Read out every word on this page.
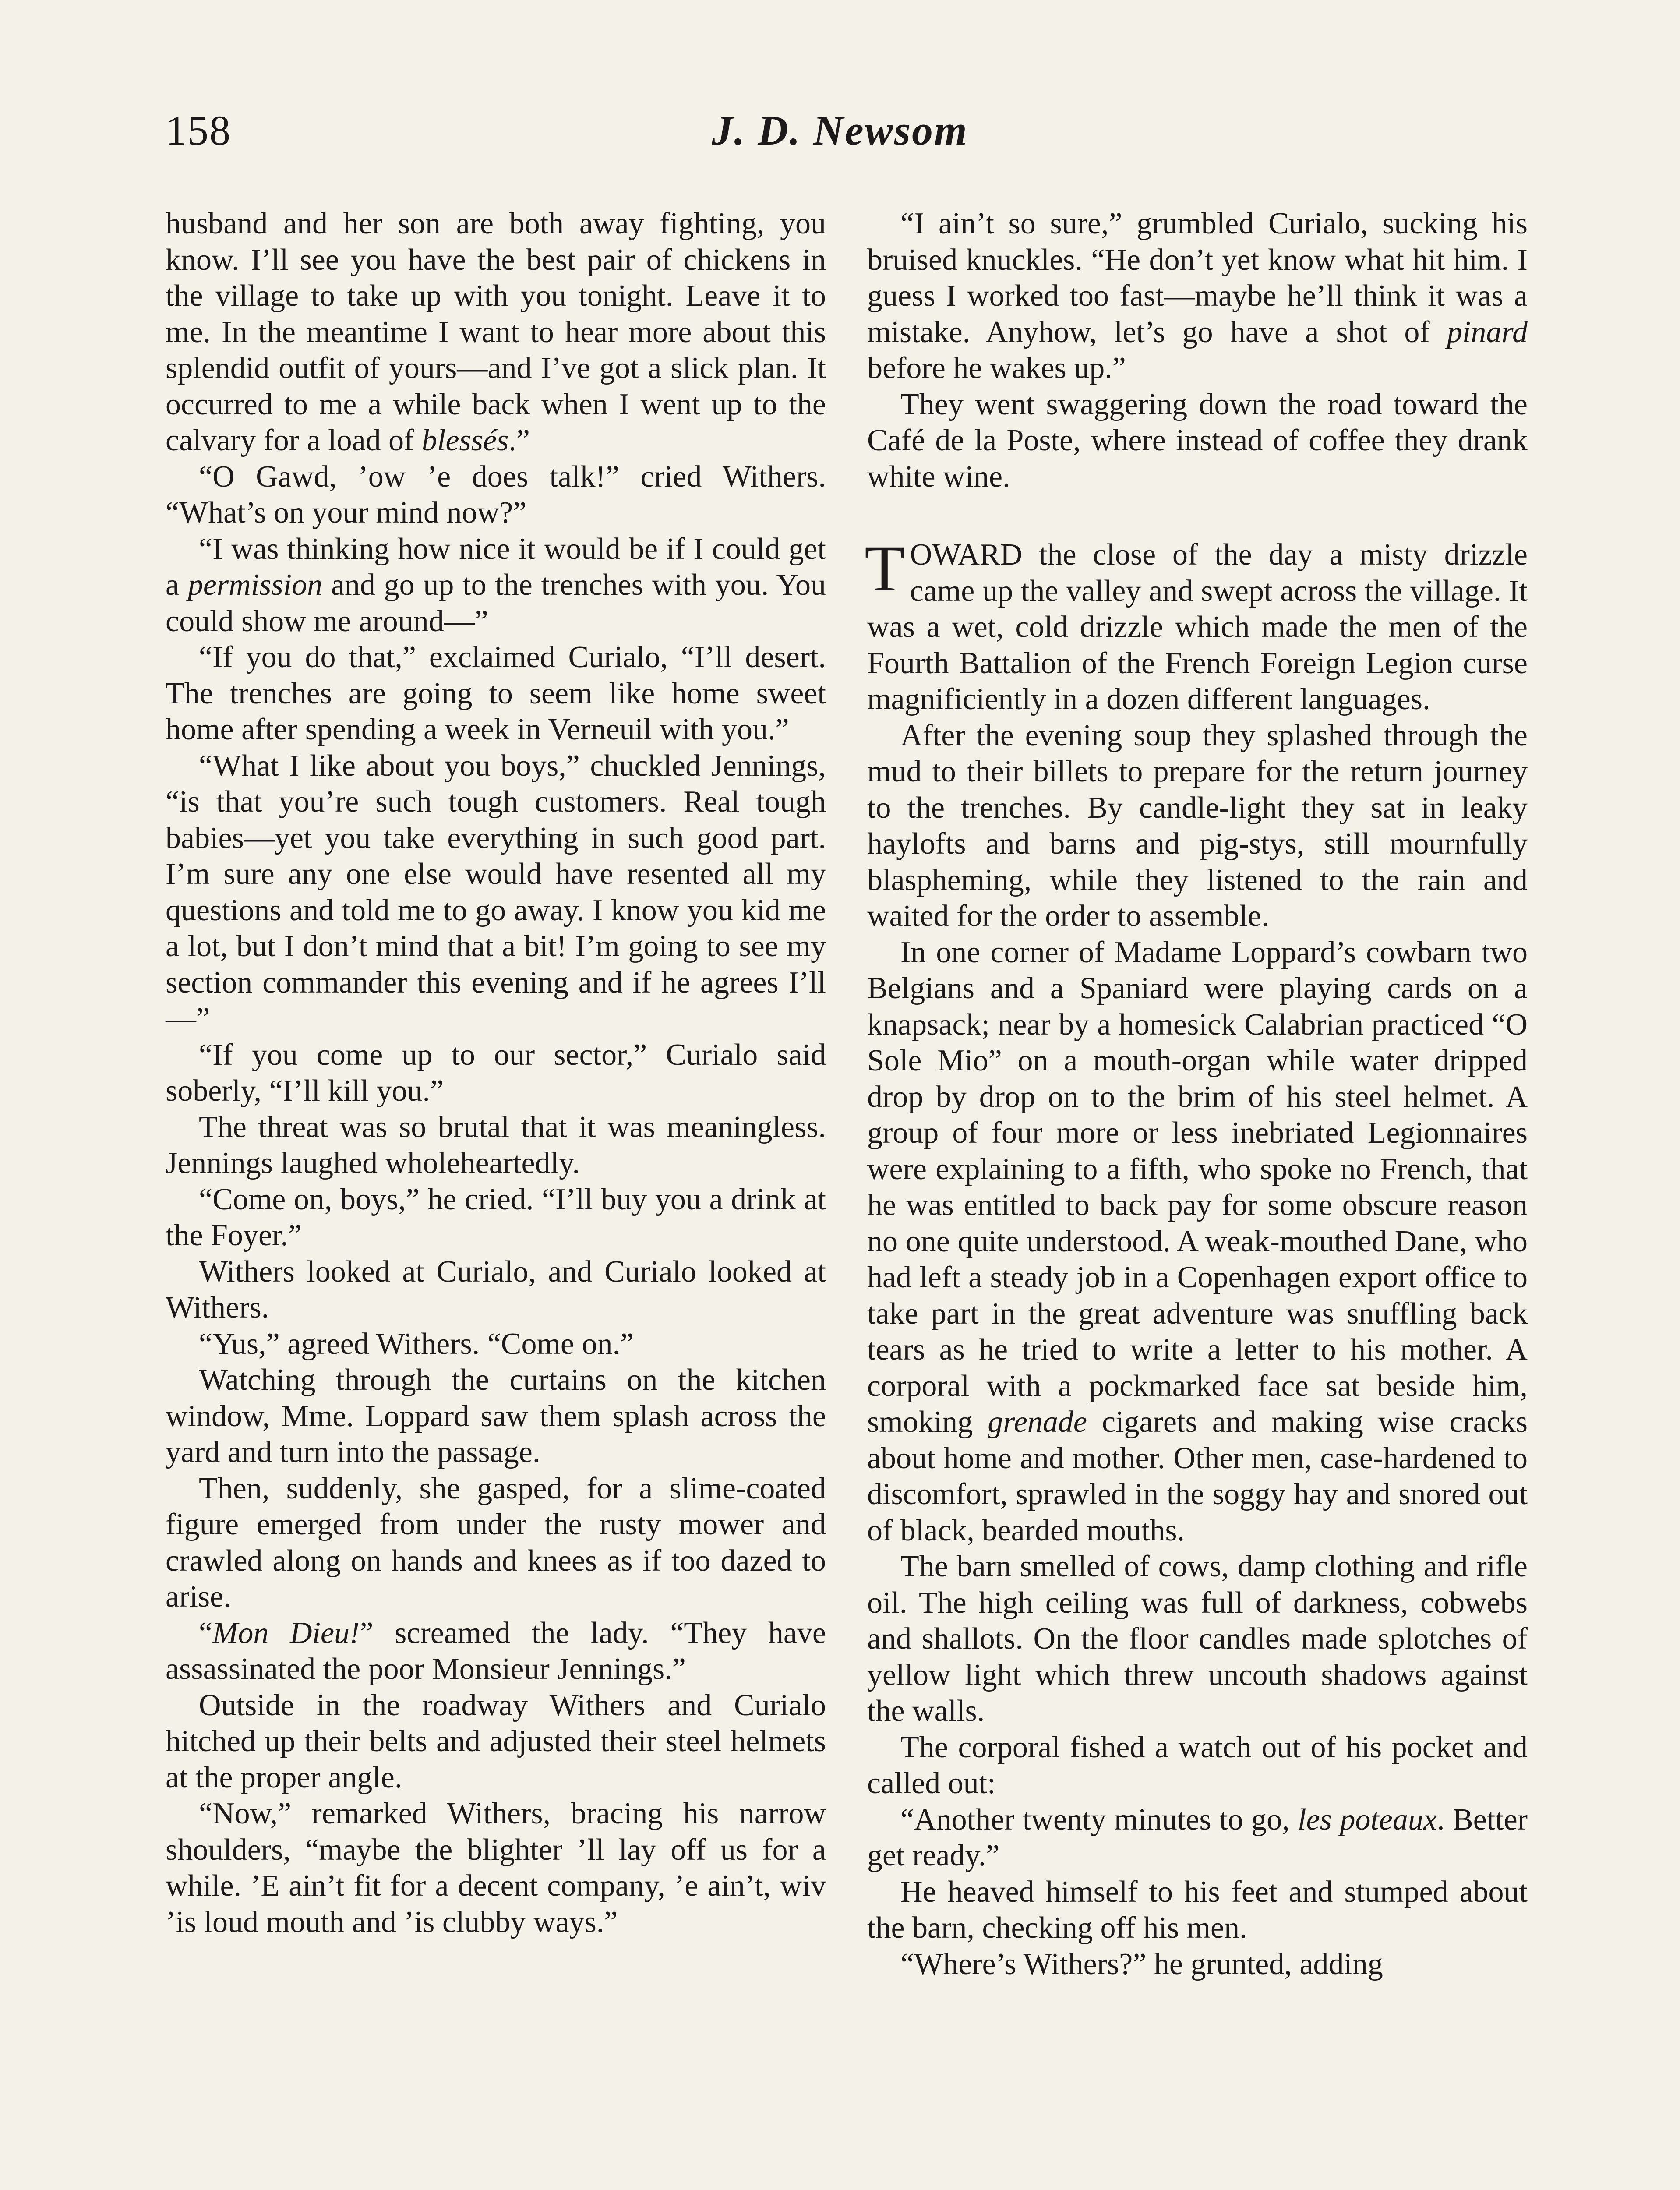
158	J. D. Newsom

husband and her son are both away fighting, you know. I’ll see you have the best pair of chickens in the village to take up with you tonight. Leave it to me. In the meantime I want to hear more about this splendid outfit of yours—and I’ve got a slick plan. It occurred to me a while back when I went up to the calvary for a load of blessés.”

“O Gawd, ’ow ’e does talk!” cried Withers. “What’s on your mind now?”

“I was thinking how nice it would be if I could get a permission and go up to the trenches with you. You could show me around—”

“If you do that,” exclaimed Curialo, “I’ll desert. The trenches are going to seem like home sweet home after spending a week in Verneuil with you.”

“What I like about you boys,” chuckled Jennings, “is that you’re such tough customers. Real tough babies—yet you take everything in such good part. I’m sure any one else would have resented all my questions and told me to go away. I know you kid me a lot, but I don’t mind that a bit! I’m going to see my section commander this evening and if he agrees I’ll—”

“If you come up to our sector,” Curialo said soberly, “I’ll kill you.”

The threat was so brutal that it was meaningless. Jennings laughed wholeheartedly.

“Come on, boys,” he cried. “I’ll buy you a drink at the Foyer.”

Withers looked at Curialo, and Curialo looked at Withers.

“Yus,” agreed Withers. “Come on.”

Watching through the curtains on the kitchen window, Mme. Loppard saw them splash across the yard and turn into the passage.

Then, suddenly, she gasped, for a slime-coated figure emerged from under the rusty mower and crawled along on hands and knees as if too dazed to arise.

“Mon Dieu!” screamed the lady. “They have assassinated the poor Monsieur Jennings.”

Outside in the roadway Withers and Curialo hitched up their belts and adjusted their steel helmets at the proper angle.

“Now,” remarked Withers, bracing his narrow shoulders, “maybe the blighter ’ll lay off us for a while. ’E ain’t fit for a decent company, ’e ain’t, wiv ’is loud mouth and ’is clubby ways.”

“I ain’t so sure,” grumbled Curialo, sucking his bruised knuckles. “He don’t yet know what hit him. I guess I worked too fast—maybe he’ll think it was a mistake. Anyhow, let’s go have a shot of pinard before he wakes up.”

They went swaggering down the road toward the Café de la Poste, where instead of coffee they drank white wine.

TOWARD the close of the day a misty drizzle came up the valley and swept across the village. It was a wet, cold drizzle which made the men of the Fourth Battalion of the French Foreign Legion curse magnificiently in a dozen different languages.

After the evening soup they splashed through the mud to their billets to prepare for the return journey to the trenches. By candle-light they sat in leaky haylofts and barns and pig-stys, still mournfully blaspheming, while they listened to the rain and waited for the order to assemble.

In one corner of Madame Loppard’s cowbarn two Belgians and a Spaniard were playing cards on a knapsack; near by a homesick Calabrian practiced “O Sole Mio” on a mouth-organ while water dripped drop by drop on to the brim of his steel helmet. A group of four more or less inebriated Legionnaires were explaining to a fifth, who spoke no French, that he was entitled to back pay for some obscure reason no one quite understood. A weak-mouthed Dane, who had left a steady job in a Copenhagen export office to take part in the great adventure was snuffling back tears as he tried to write a letter to his mother. A corporal with a pockmarked face sat beside him, smoking grenade cigarets and making wise cracks about home and mother. Other men, case-hardened to discomfort, sprawled in the soggy hay and snored out of black, bearded mouths.

The barn smelled of cows, damp clothing and rifle oil. The high ceiling was full of darkness, cobwebs and shallots. On the floor candles made splotches of yellow light which threw uncouth shadows against the walls.

The corporal fished a watch out of his pocket and called out:

“Another twenty minutes to go, les poteaux. Better get ready.”

He heaved himself to his feet and stumped about the barn, checking off his men.

“Where’s Withers?” he grunted, adding
